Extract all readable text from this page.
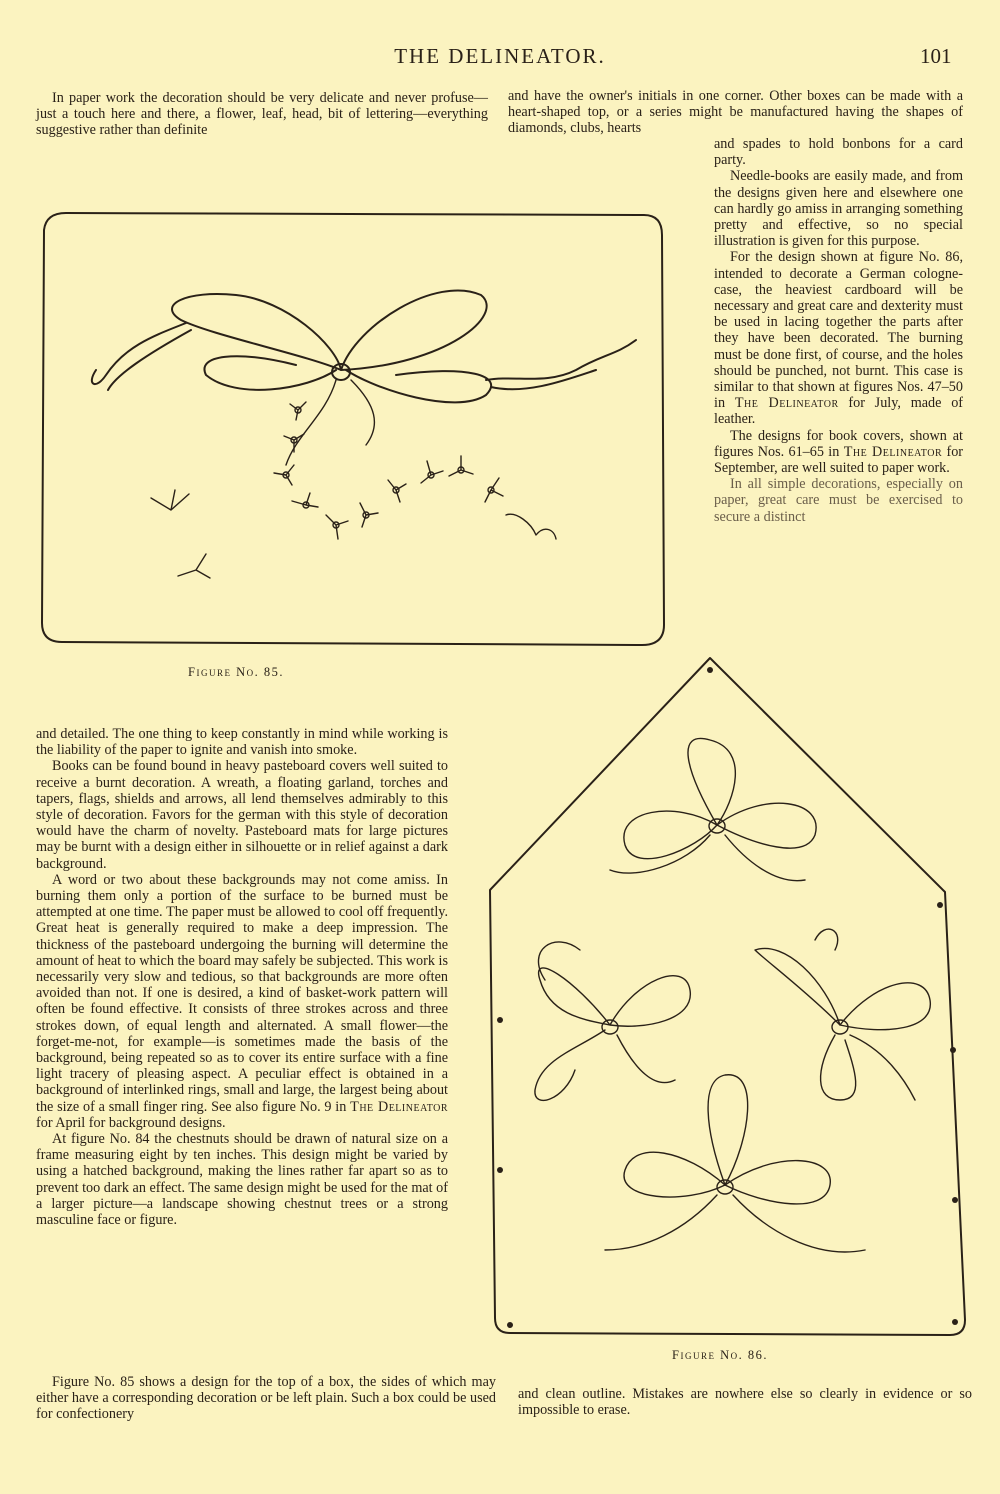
THE DELINEATOR.	101

In paper work the decoration should be very delicate and never profuse—just a touch here and there, a flower, leaf, head, bit of lettering—everything suggestive rather than definite

and have the owner's initials in one corner. Other boxes can be made with a heart-shaped top, or a series might be manufactured having the shapes of diamonds, clubs, hearts

and spades to hold bonbons for a card party.

Needle-books are easily made, and from the designs given here and elsewhere one can hardly go amiss in arranging something pretty and effective, so no special illustration is given for this purpose.

For the design shown at figure No. 86, intended to decorate a German cologne-case, the heaviest cardboard will be necessary and great care and dexterity must be used in lacing together the parts after they have been decorated. The burning must be done first, of course, and the holes should be punched, not burnt. This case is similar to that shown at figures Nos. 47–50 in The Delineator for July, made of leather.

The designs for book covers, shown at figures Nos. 61–65 in The Delineator for September, are well suited to paper work.

In all simple decorations, especially on paper, great care must be exercised to secure a distinct

Figure No. 85.

and detailed. The one thing to keep constantly in mind while working is the liability of the paper to ignite and vanish into smoke.

Books can be found bound in heavy pasteboard covers well suited to receive a burnt decoration. A wreath, a floating garland, torches and tapers, flags, shields and arrows, all lend themselves admirably to this style of decoration. Favors for the german with this style of decoration would have the charm of novelty. Pasteboard mats for large pictures may be burnt with a design either in silhouette or in relief against a dark background.

A word or two about these backgrounds may not come amiss. In burning them only a portion of the surface to be burned must be attempted at one time. The paper must be allowed to cool off frequently. Great heat is generally required to make a deep impression. The thickness of the pasteboard undergoing the burning will determine the amount of heat to which the board may safely be subjected. This work is necessarily very slow and tedious, so that backgrounds are more often avoided than not. If one is desired, a kind of basket-work pattern will often be found effective. It consists of three strokes across and three strokes down, of equal length and alternated. A small flower—the forget-me-not, for example—is sometimes made the basis of the background, being repeated so as to cover its entire surface with a fine light tracery of pleasing aspect. A peculiar effect is obtained in a background of interlinked rings, small and large, the largest being about the size of a small finger ring. See also figure No. 9 in The Delineator for April for background designs.

At figure No. 84 the chestnuts should be drawn of natural size on a frame measuring eight by ten inches. This design might be varied by using a hatched background, making the lines rather far apart so as to prevent too dark an effect. The same design might be used for the mat of a larger picture—a landscape showing chestnut trees or a strong masculine face or figure.

Figure No. 85 shows a design for the top of a box, the sides of which may either have a corresponding decoration or be left plain. Such a box could be used for confectionery

Figure No. 86.

and clean outline. Mistakes are nowhere else so clearly in evidence or so impossible to erase.
